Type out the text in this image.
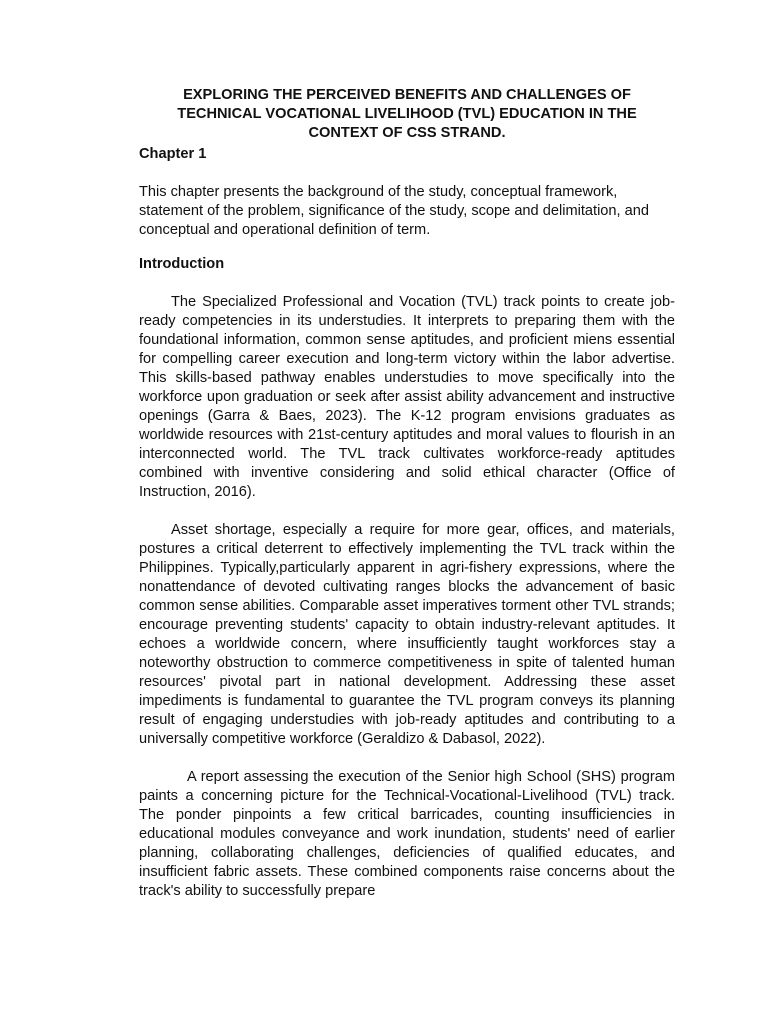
EXPLORING THE PERCEIVED BENEFITS AND CHALLENGES OF TECHNICAL VOCATIONAL LIVELIHOOD (TVL) EDUCATION IN THE CONTEXT OF CSS STRAND.

Chapter 1

This chapter presents the background of the study, conceptual framework, statement of the problem, significance of the study, scope and delimitation, and conceptual and operational definition of term.

Introduction

The Specialized Professional and Vocation (TVL) track points to create job-ready competencies in its understudies. It interprets to preparing them with the foundational information, common sense aptitudes, and proficient miens essential for compelling career execution and long-term victory within the labor advertise. This skills-based pathway enables understudies to move specifically into the workforce upon graduation or seek after assist ability advancement and instructive openings (Garra & Baes, 2023). The K-12 program envisions graduates as worldwide resources with 21st-century aptitudes and moral values to flourish in an interconnected world. The TVL track cultivates workforce-ready aptitudes combined with inventive considering and solid ethical character (Office of Instruction, 2016).

Asset shortage, especially a require for more gear, offices, and materials, postures a critical deterrent to effectively implementing the TVL track within the Philippines. Typically,particularly apparent in agri-fishery expressions, where the nonattendance of devoted cultivating ranges blocks the advancement of basic common sense abilities. Comparable asset imperatives torment other TVL strands; encourage preventing students' capacity to obtain industry-relevant aptitudes. It echoes a worldwide concern, where insufficiently taught workforces stay a noteworthy obstruction to commerce competitiveness in spite of talented human resources' pivotal part in national development. Addressing these asset impediments is fundamental to guarantee the TVL program conveys its planning result of engaging understudies with job-ready aptitudes and contributing to a universally competitive workforce (Geraldizo & Dabasol, 2022).

A report assessing the execution of the Senior high School (SHS) program paints a concerning picture for the Technical-Vocational-Livelihood (TVL) track. The ponder pinpoints a few critical barricades, counting insufficiencies in educational modules conveyance and work inundation, students' need of earlier planning, collaborating challenges, deficiencies of qualified educates, and insufficient fabric assets. These combined components raise concerns about the track's ability to successfully prepare
